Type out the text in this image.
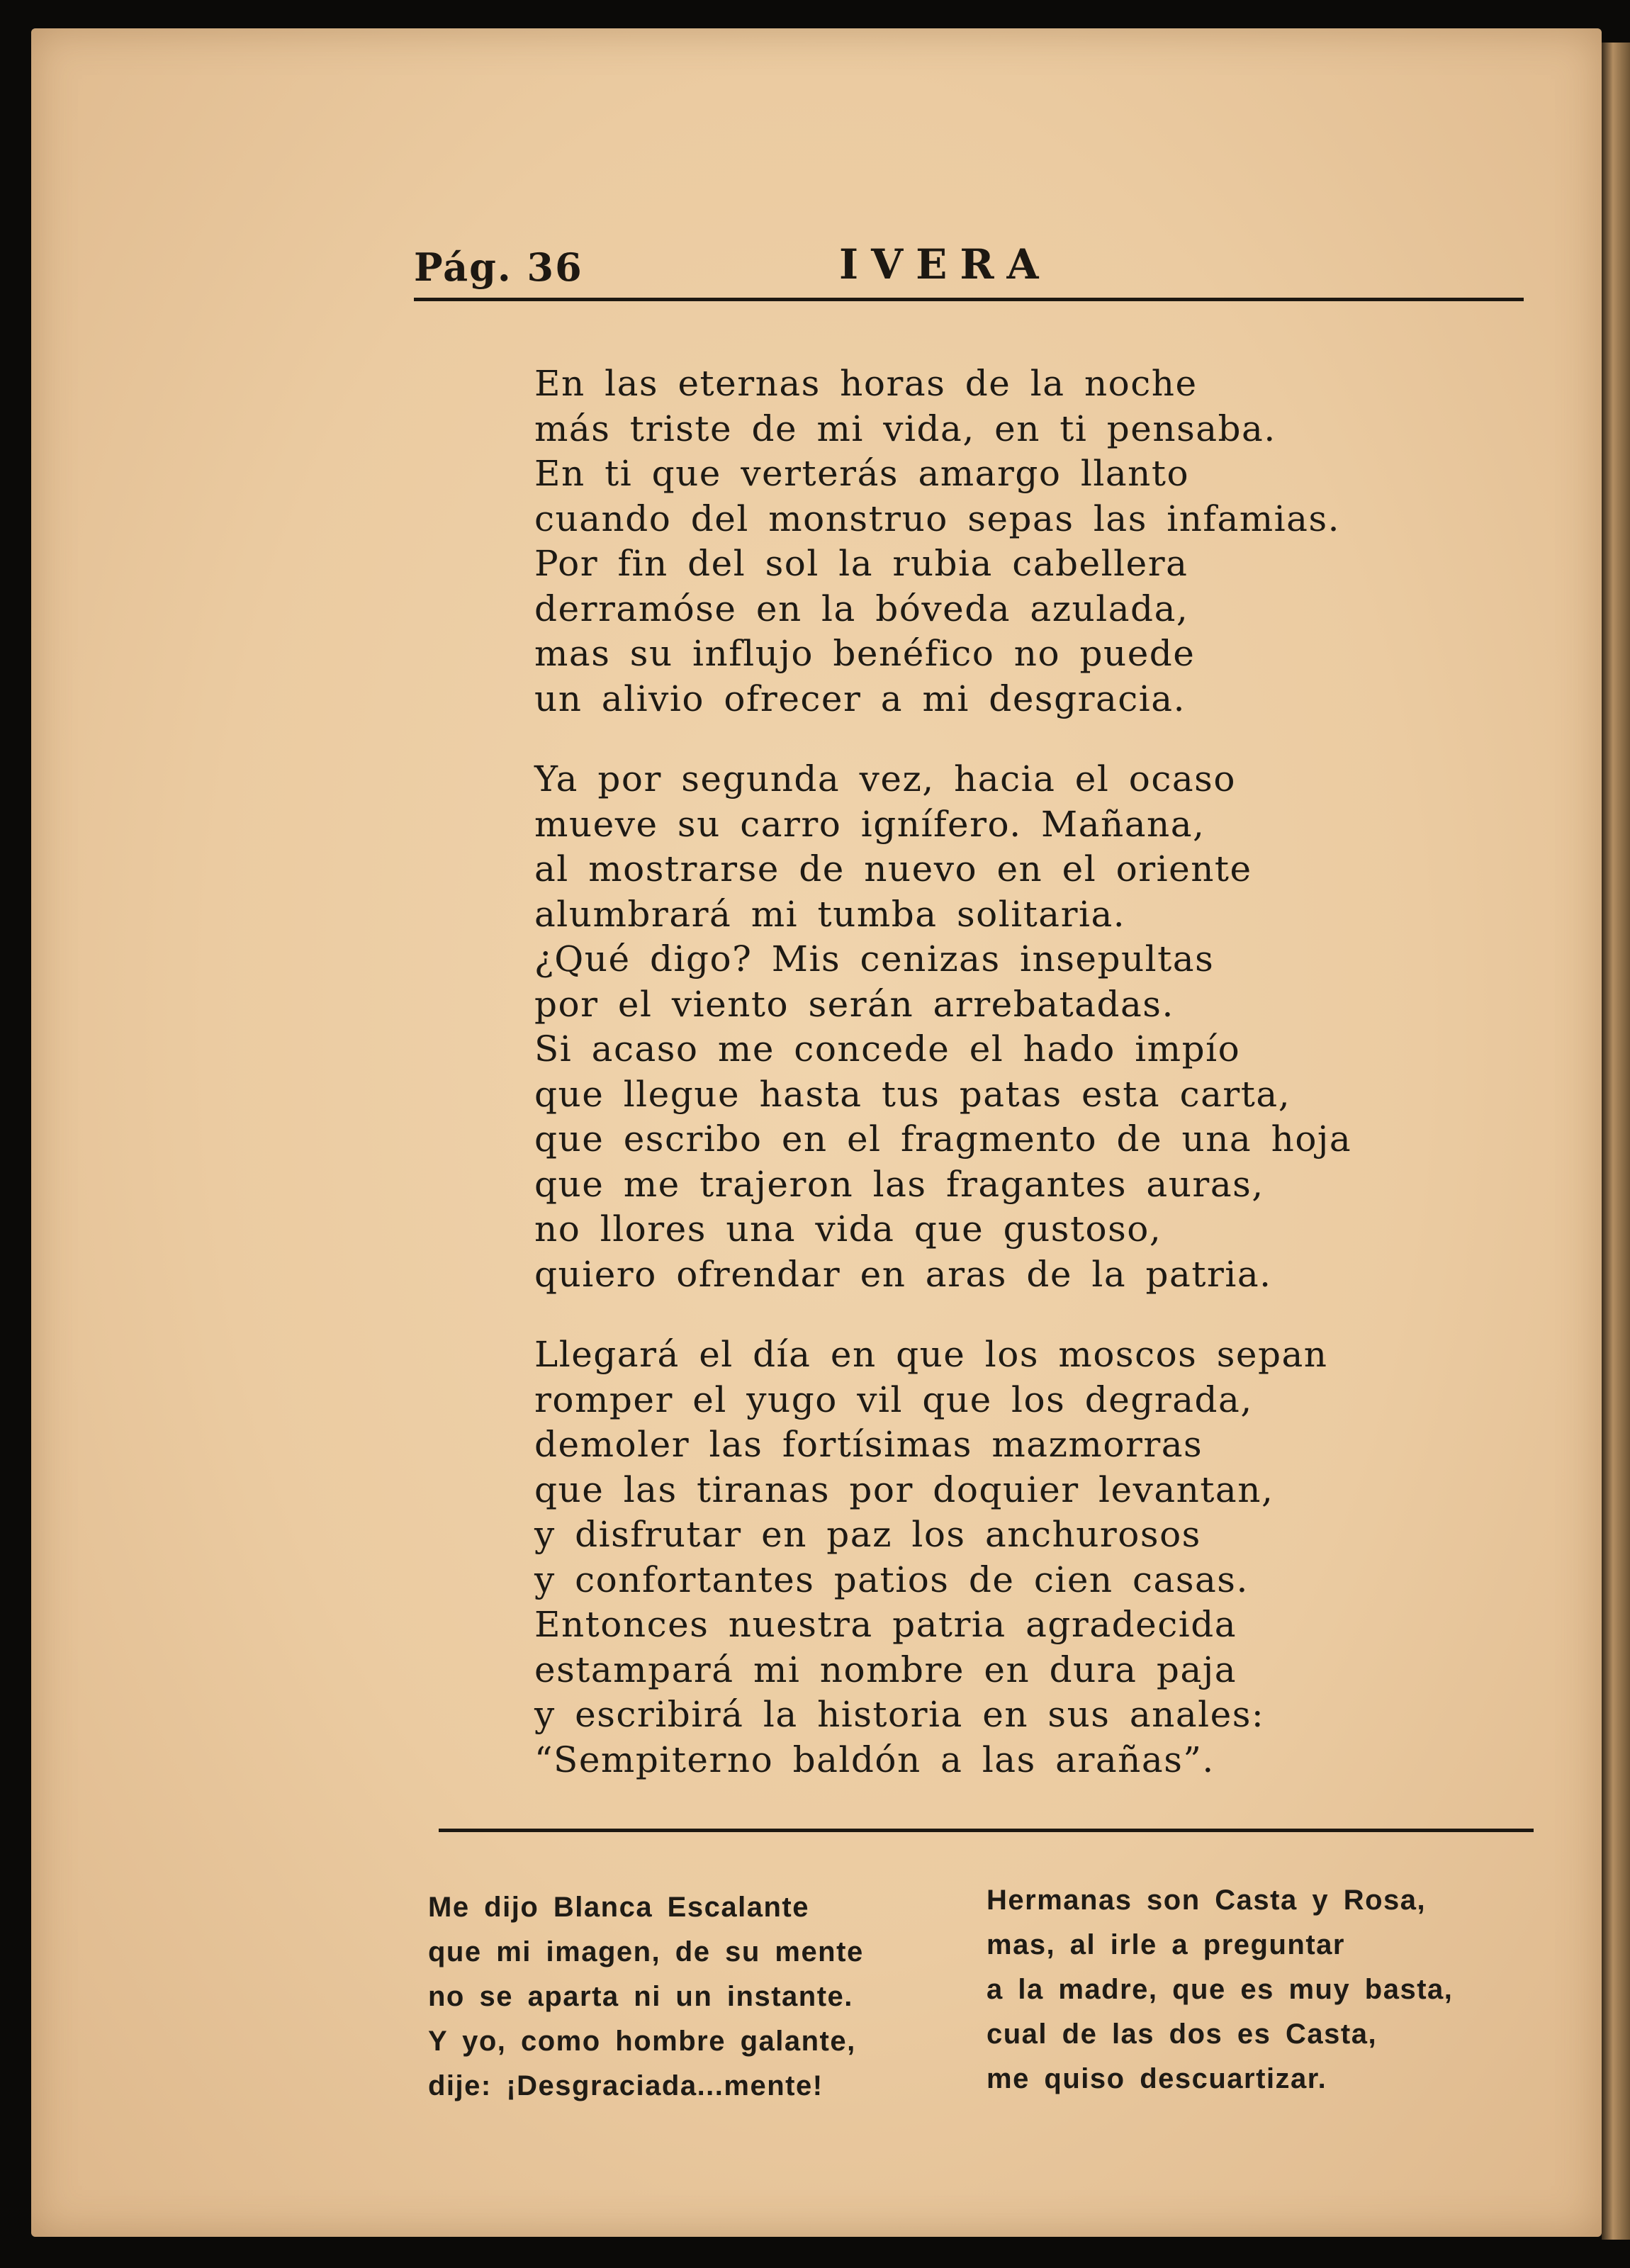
Pág. 36	IVERA

En las eternas horas de la noche
más triste de mi vida, en ti pensaba.
En ti que verterás amargo llanto
cuando del monstruo sepas las infamias.
Por fin del sol la rubia cabellera
derramóse en la bóveda azulada,
mas su influjo benéfico no puede
un alivio ofrecer a mi desgracia.

Ya por segunda vez, hacia el ocaso
mueve su carro ignífero. Mañana,
al mostrarse de nuevo en el oriente
alumbrará mi tumba solitaria.
¿Qué digo? Mis cenizas insepultas
por el viento serán arrebatadas.
Si acaso me concede el hado impío
que llegue hasta tus patas esta carta,
que escribo en el fragmento de una hoja
que me trajeron las fragantes auras,
no llores una vida que gustoso,
quiero ofrendar en aras de la patria.

Llegará el día en que los moscos sepan
romper el yugo vil que los degrada,
demoler las fortísimas mazmorras
que las tiranas por doquier levantan,
y disfrutar en paz los anchurosos
y confortantes patios de cien casas.
Entonces nuestra patria agradecida
estampará mi nombre en dura paja
y escribirá la historia en sus anales:
“Sempiterno baldón a las arañas”.

Me dijo Blanca Escalante
que mi imagen, de su mente
no se aparta ni un instante.
Y yo, como hombre galante,
dije: ¡Desgraciada...mente!
Hermanas son Casta y Rosa,
mas, al irle a preguntar
a la madre, que es muy basta,
cual de las dos es Casta,
me quiso descuartizar.
